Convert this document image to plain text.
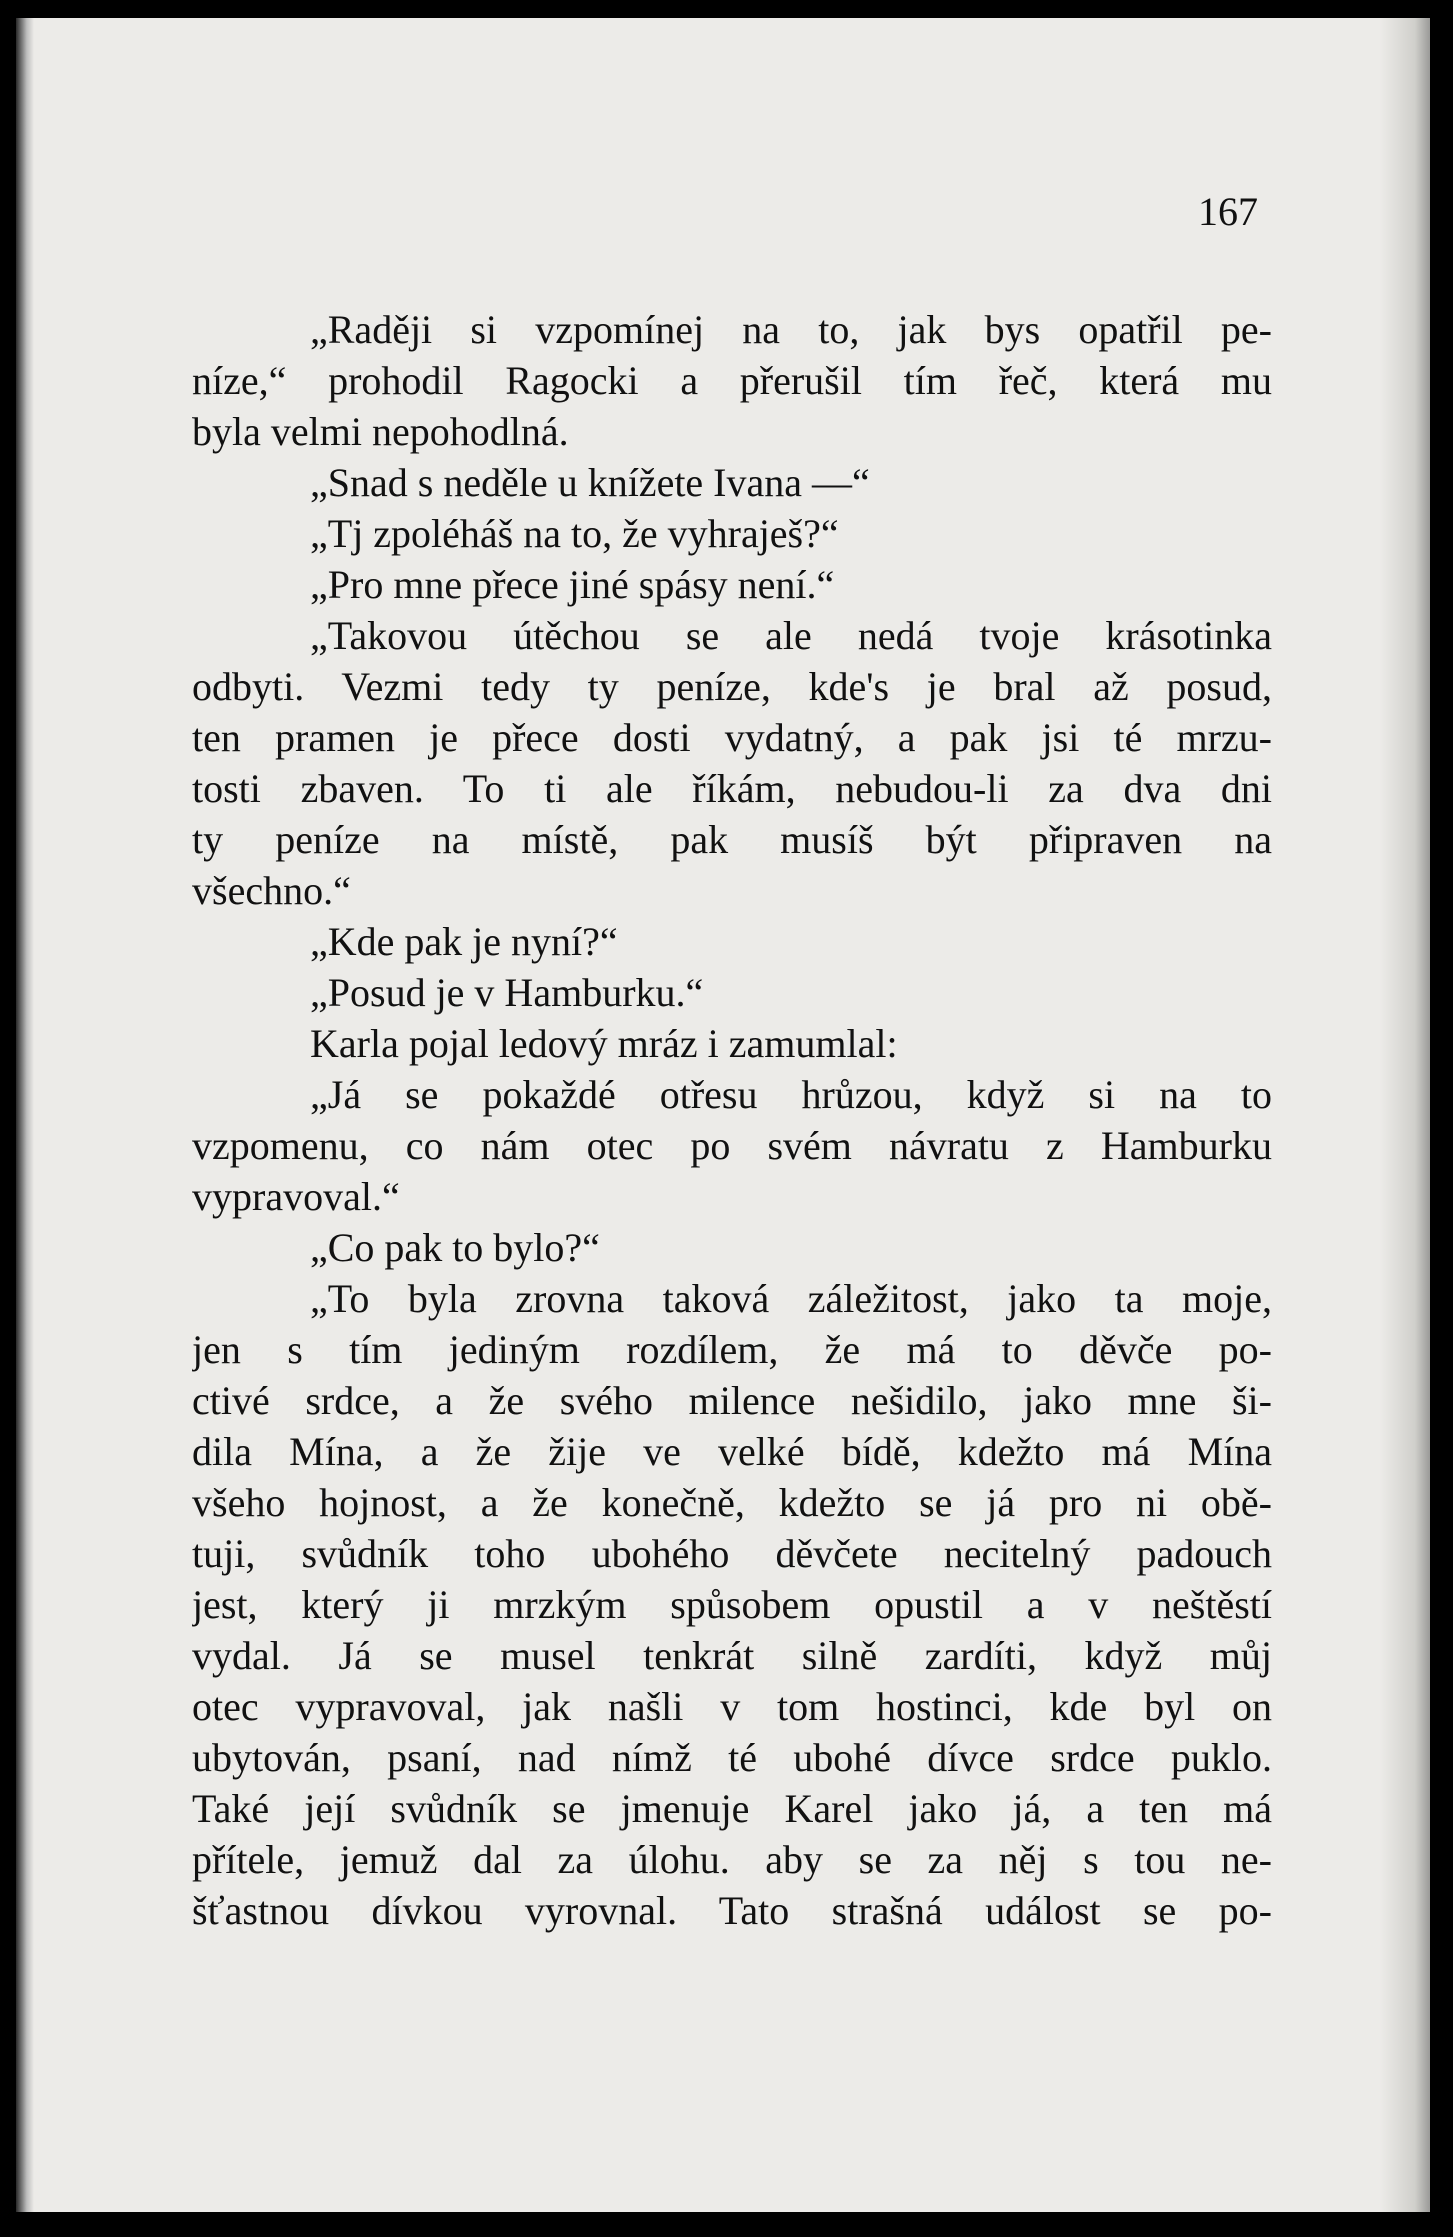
167
„Raději si vzpomínej na to, jak bys opatřil pe-
níze,“ prohodil Ragocki a přerušil tím řeč, která mu
byla velmi nepohodlná.
„Snad s neděle u knížete Ivana —“
„Tj zpoléháš na to, že vyhraješ?“
„Pro mne přece jiné spásy není.“
„Takovou útěchou se ale nedá tvoje krásotinka
odbyti. Vezmi tedy ty peníze, kde's je bral až posud,
ten pramen je přece dosti vydatný, a pak jsi té mrzu-
tosti zbaven. To ti ale říkám, nebudou-li za dva dni
ty peníze na místě, pak musíš být připraven na
všechno.“
„Kde pak je nyní?“
„Posud je v Hamburku.“
Karla pojal ledový mráz i zamumlal:
„Já se pokaždé otřesu hrůzou, když si na to
vzpomenu, co nám otec po svém návratu z Hamburku
vypravoval.“
„Co pak to bylo?“
„To byla zrovna taková záležitost, jako ta moje,
jen s tím jediným rozdílem, že má to děvče po-
ctivé srdce, a že svého milence nešidilo, jako mne ši-
dila Mína, a že žije ve velké bídě, kdežto má Mína
všeho hojnost, a že konečně, kdežto se já pro ni obě-
tuji, svůdník toho ubohého děvčete necitelný padouch
jest, který ji mrzkým spůsobem opustil a v neštěstí
vydal. Já se musel tenkrát silně zardíti, když můj
otec vypravoval, jak našli v tom hostinci, kde byl on
ubytován, psaní, nad nímž té ubohé dívce srdce puklo.
Také její svůdník se jmenuje Karel jako já, a ten má
přítele, jemuž dal za úlohu. aby se za něj s tou ne-
šťastnou dívkou vyrovnal. Tato strašná událost se po-
